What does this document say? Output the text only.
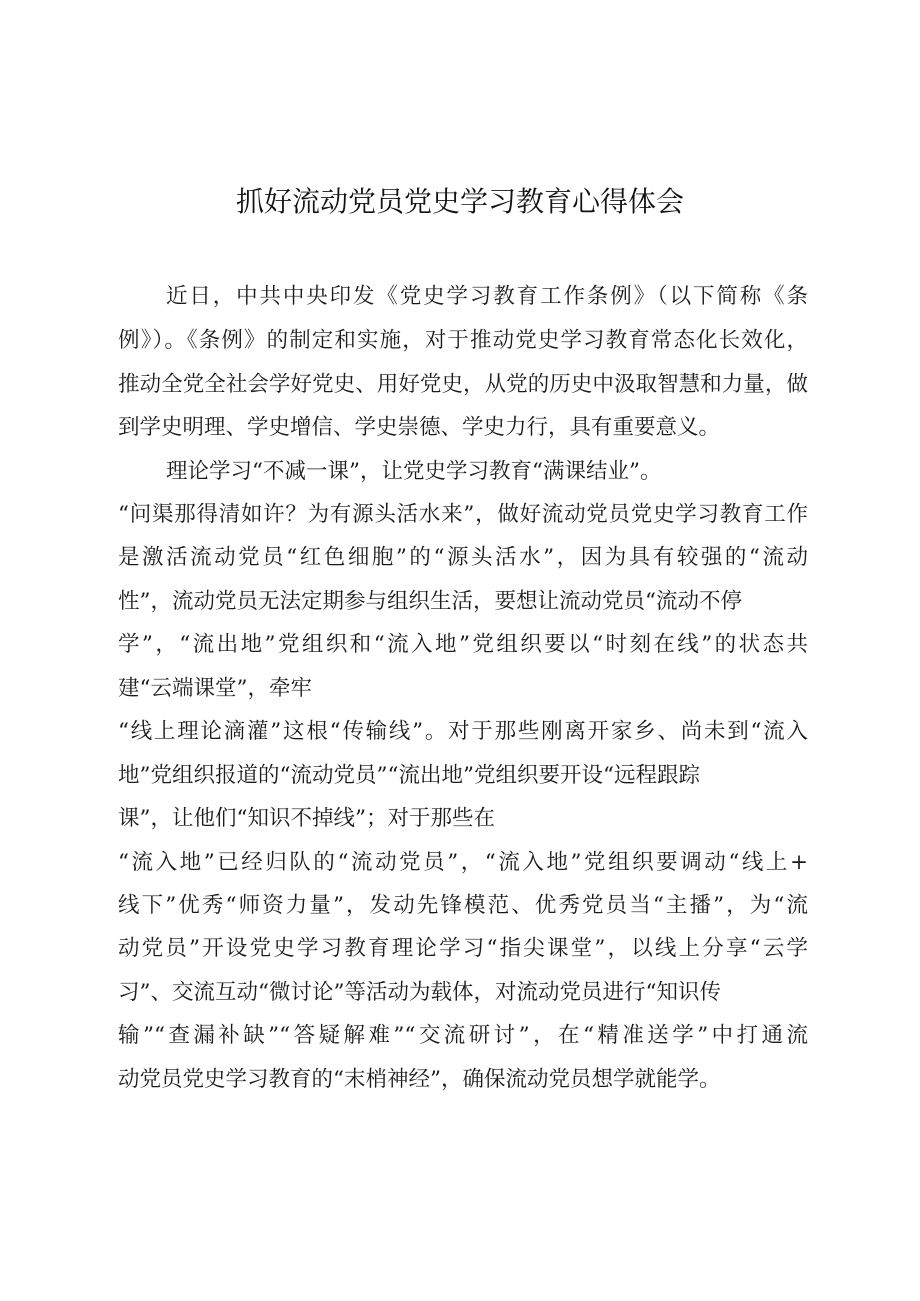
抓好流动党员党史学习教育心得体会

近日，中共中央印发《党史学习教育工作条例》（以下简称《条

例》）。《条例》的制定和实施，对于推动党史学习教育常态化长效化，

推动全党全社会学好党史、用好党史，从党的历史中汲取智慧和力量，做

到学史明理、学史增信、学史崇德、学史力行，具有重要意义。

理论学习“不减一课”，让党史学习教育“满课结业”。

“问渠那得清如许？为有源头活水来”，做好流动党员党史学习教育工作

是激活流动党员“红色细胞”的“源头活水”，因为具有较强的“流动

性”，流动党员无法定期参与组织生活，要想让流动党员“流动不停

学”，“流出地”党组织和“流入地”党组织要以“时刻在线”的状态共

建“云端课堂”，牵牢

“线上理论滴灌”这根“传输线”。对于那些刚离开家乡、尚未到“流入

地”党组织报道的“流动党员”“流出地”党组织要开设“远程跟踪

课”，让他们“知识不掉线”；对于那些在

“流入地”已经归队的“流动党员”，“流入地”党组织要调动“线上+

线下”优秀“师资力量”，发动先锋模范、优秀党员当“主播”，为“流

动党员”开设党史学习教育理论学习“指尖课堂”，以线上分享“云学

习”、交流互动“微讨论”等活动为载体，对流动党员进行“知识传

输”“查漏补缺”“答疑解难”“交流研讨”，在“精准送学”中打通流

动党员党史学习教育的“末梢神经”，确保流动党员想学就能学。
